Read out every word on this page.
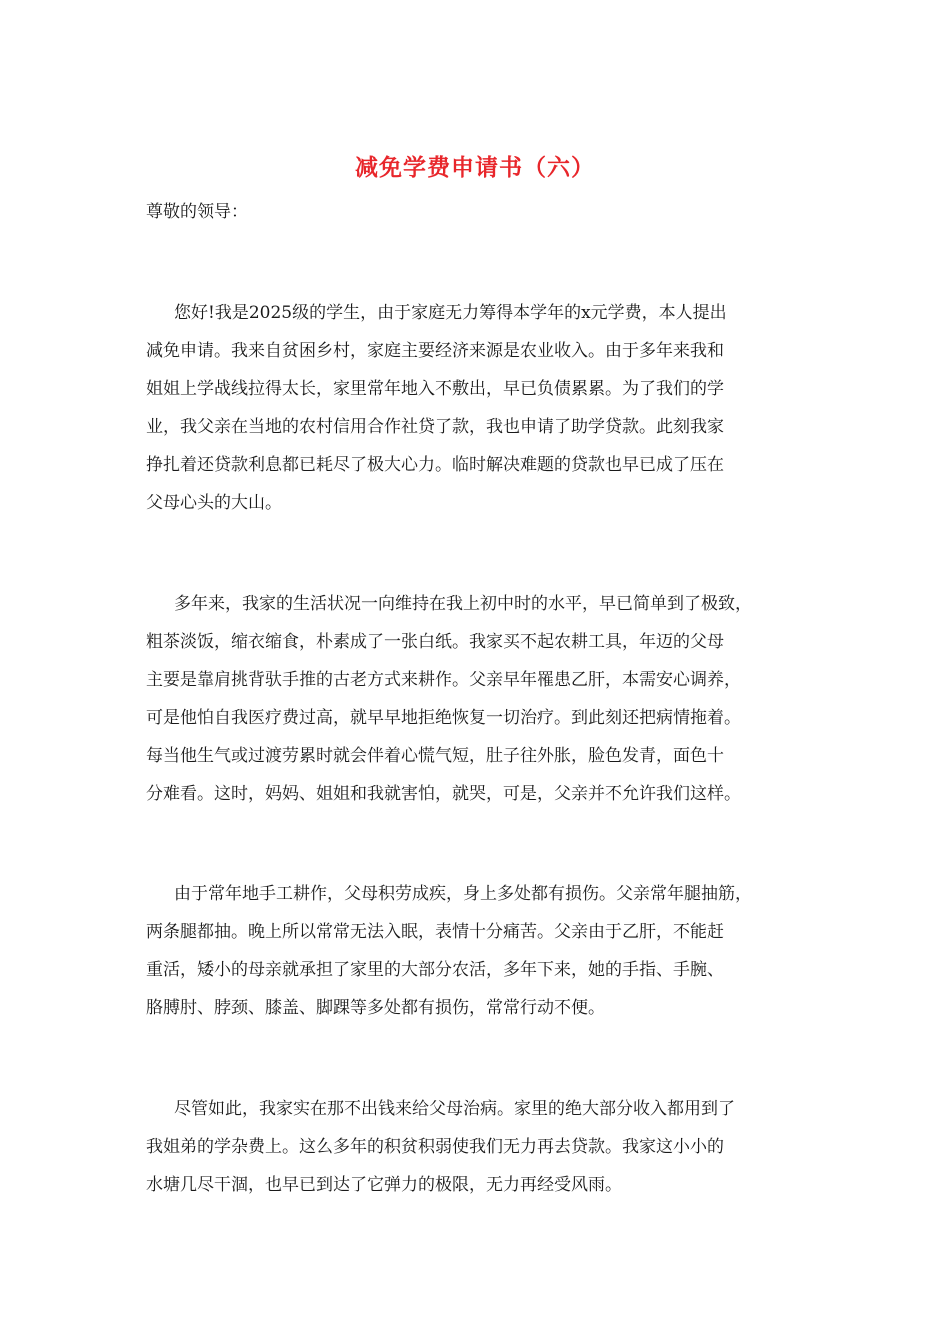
减免学费申请书（六）
尊敬的领导：
您好!我是2025级的学生，由于家庭无力筹得本学年的x元学费，本人提出
减免申请。我来自贫困乡村，家庭主要经济来源是农业收入。由于多年来我和
姐姐上学战线拉得太长，家里常年地入不敷出，早已负债累累。为了我们的学
业，我父亲在当地的农村信用合作社贷了款，我也申请了助学贷款。此刻我家
挣扎着还贷款利息都已耗尽了极大心力。临时解决难题的贷款也早已成了压在
父母心头的大山。
多年来，我家的生活状况一向维持在我上初中时的水平，早已简单到了极致，
粗茶淡饭，缩衣缩食，朴素成了一张白纸。我家买不起农耕工具，年迈的父母
主要是靠肩挑背驮手推的古老方式来耕作。父亲早年罹患乙肝，本需安心调养，
可是他怕自我医疗费过高，就早早地拒绝恢复一切治疗。到此刻还把病情拖着。
每当他生气或过渡劳累时就会伴着心慌气短，肚子往外胀，脸色发青，面色十
分难看。这时，妈妈、姐姐和我就害怕，就哭，可是，父亲并不允许我们这样。
由于常年地手工耕作，父母积劳成疾，身上多处都有损伤。父亲常年腿抽筋，
两条腿都抽。晚上所以常常无法入眠，表情十分痛苦。父亲由于乙肝，不能赶
重活，矮小的母亲就承担了家里的大部分农活，多年下来，她的手指、手腕、
胳膊肘、脖颈、膝盖、脚踝等多处都有损伤，常常行动不便。
尽管如此，我家实在那不出钱来给父母治病。家里的绝大部分收入都用到了
我姐弟的学杂费上。这么多年的积贫积弱使我们无力再去贷款。我家这小小的
水塘几尽干涸，也早已到达了它弹力的极限，无力再经受风雨。
